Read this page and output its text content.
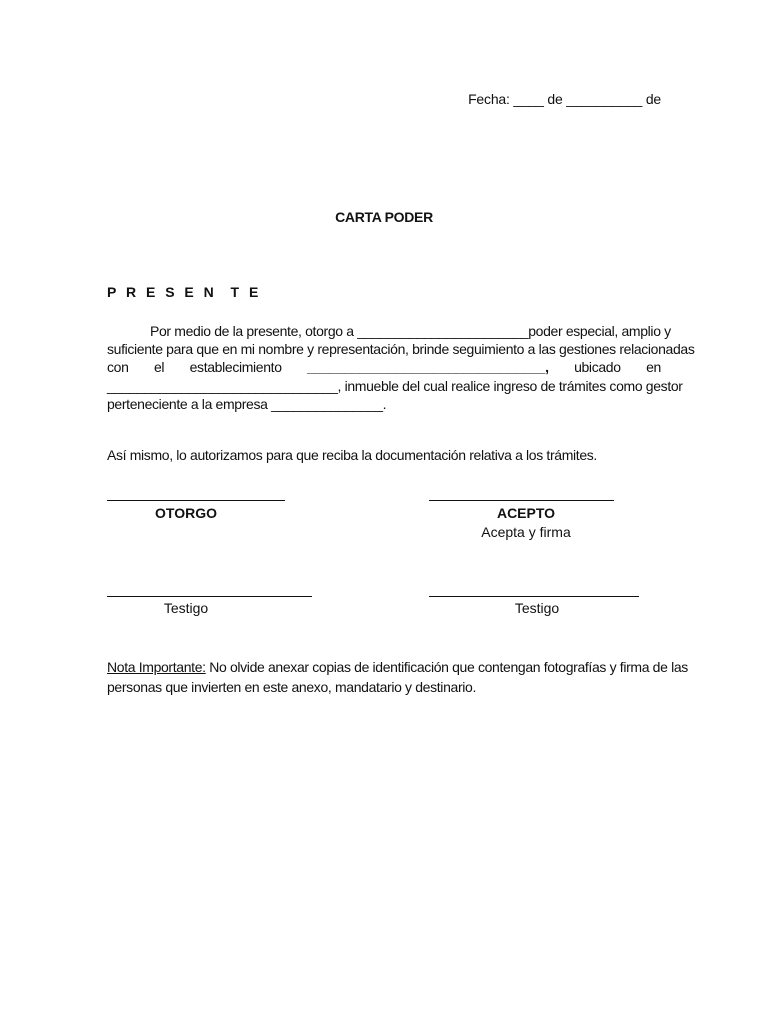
Fecha: ____ de __________ de
CARTA PODER
P R E S E N  T E
Por medio de la presente, otorgo a _______________________poder especial, amplio y
suficiente para que en mi nombre y representación, brinde seguimiento a las gestiones relacionadas
con el establecimiento ________________________________, ubicado en
_______________________________, inmueble del cual realice ingreso de trámites como gestor
perteneciente a la empresa _______________.
Así mismo, lo autorizamos para que reciba la documentación relativa a los trámites.
OTORGO	ACEPTO
Acepta y firma
Testigo	Testigo
Nota Importante: No olvide anexar copias de identificación que contengan fotografías y firma de las
personas que invierten en este anexo, mandatario y destinario.
